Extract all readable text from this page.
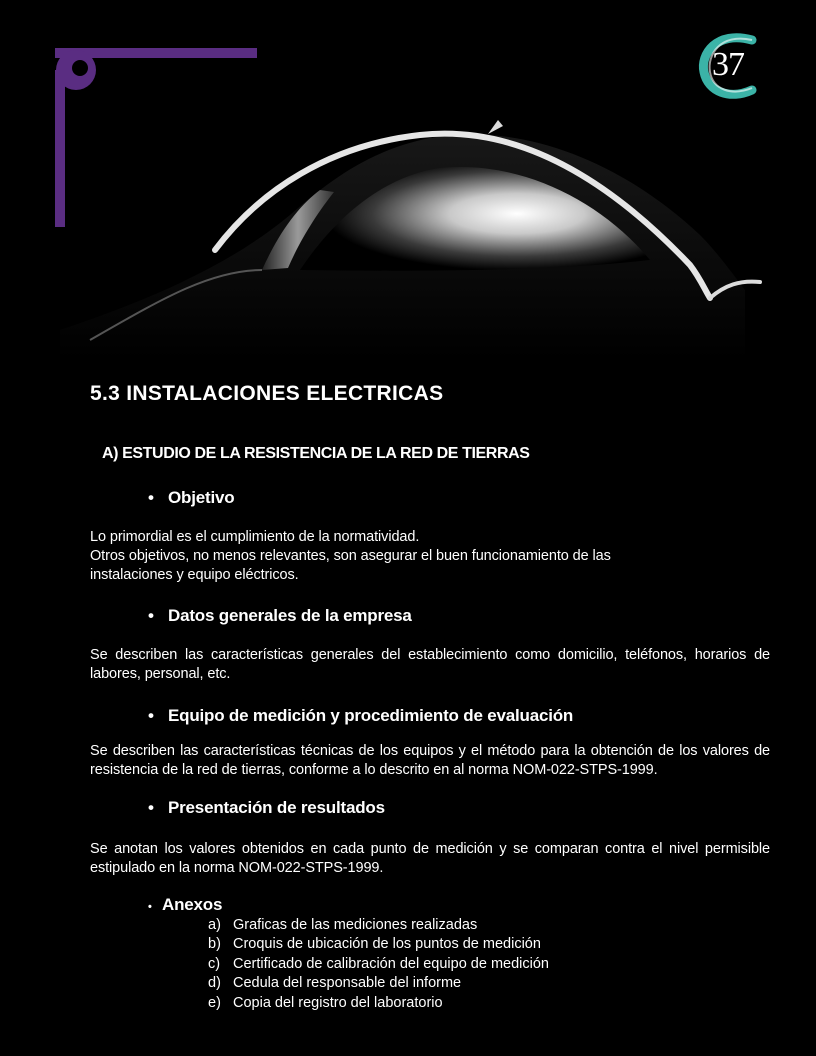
37
5.3 INSTALACIONES ELECTRICAS
A) ESTUDIO DE LA RESISTENCIA DE LA RED DE TIERRAS
• Objetivo
Lo primordial es el cumplimiento de la normatividad.
Otros objetivos, no menos relevantes, son asegurar el buen funcionamiento de las instalaciones y equipo eléctricos.
• Datos generales de la empresa
Se describen las características generales del establecimiento como domicilio, teléfonos, horarios de labores, personal, etc.
• Equipo de medición y procedimiento de evaluación
Se describen las características técnicas de los equipos y el método para la obtención de los valores de resistencia de la red de tierras, conforme a lo descrito en al norma NOM-022-STPS-1999.
• Presentación de resultados
Se anotan los valores obtenidos en cada punto de medición y se comparan contra el nivel permisible estipulado en la norma NOM-022-STPS-1999.
• Anexos
a) Graficas de las mediciones realizadas
b) Croquis de ubicación de los puntos de medición
c) Certificado de calibración del equipo de medición
d) Cedula del responsable del informe
e) Copia del registro del laboratorio
